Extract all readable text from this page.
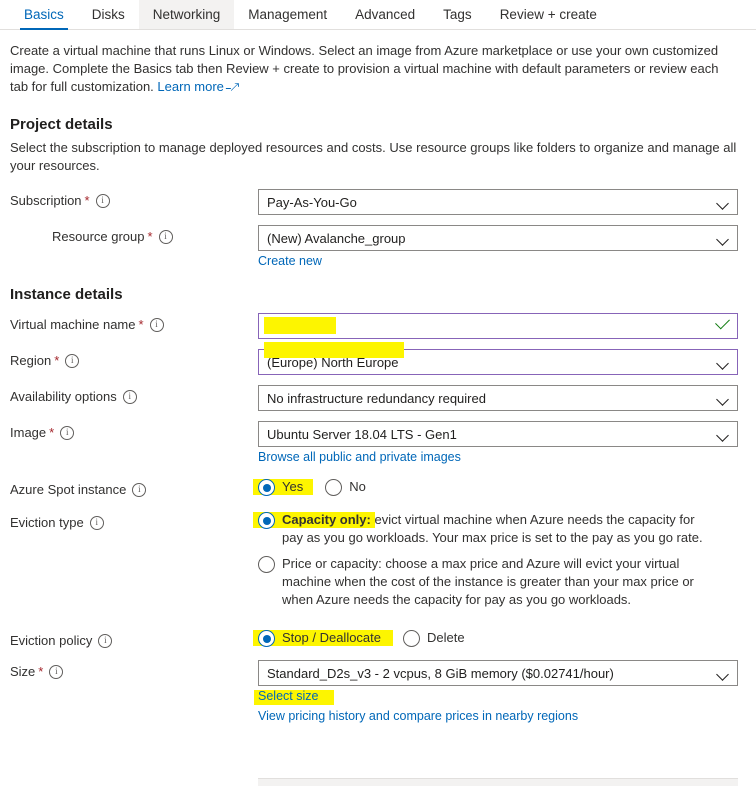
Basics Disks Networking Management Advanced Tags Review + create
Create a virtual machine that runs Linux or Windows. Select an image from Azure marketplace or use your own customized image. Complete the Basics tab then Review + create to provision a virtual machine with default parameters or review each tab for full customization. Learn more ⎯↗
Project details
Select the subscription to manage deployed resources and costs. Use resource groups like folders to organize and manage all your resources.
Subscription *	i
Pay-As-You-Go
Resource group *	i
(New) Avalanche_group
Create new
Instance details
Virtual machine name *	i
Avalanche
Region *	i
(Europe) North Europe
Availability options	i
No infrastructure redundancy required
Image *	i
Ubuntu Server 18.04 LTS - Gen1
Browse all public and private images
Azure Spot instance	i	Yes	No
Eviction type	i	Capacity only: evict virtual machine when Azure needs the capacity for pay as you go workloads. Your max price is set to the pay as you go rate.
Price or capacity: choose a max price and Azure will evict your virtual machine when the cost of the instance is greater than your max price or when Azure needs the capacity for pay as you go workloads.
Eviction policy	i	Stop / Deallocate	Delete
Size *	i
Standard_D2s_v3 - 2 vcpus, 8 GiB memory ($0.02741/hour)
Select size
View pricing history and compare prices in nearby regions
